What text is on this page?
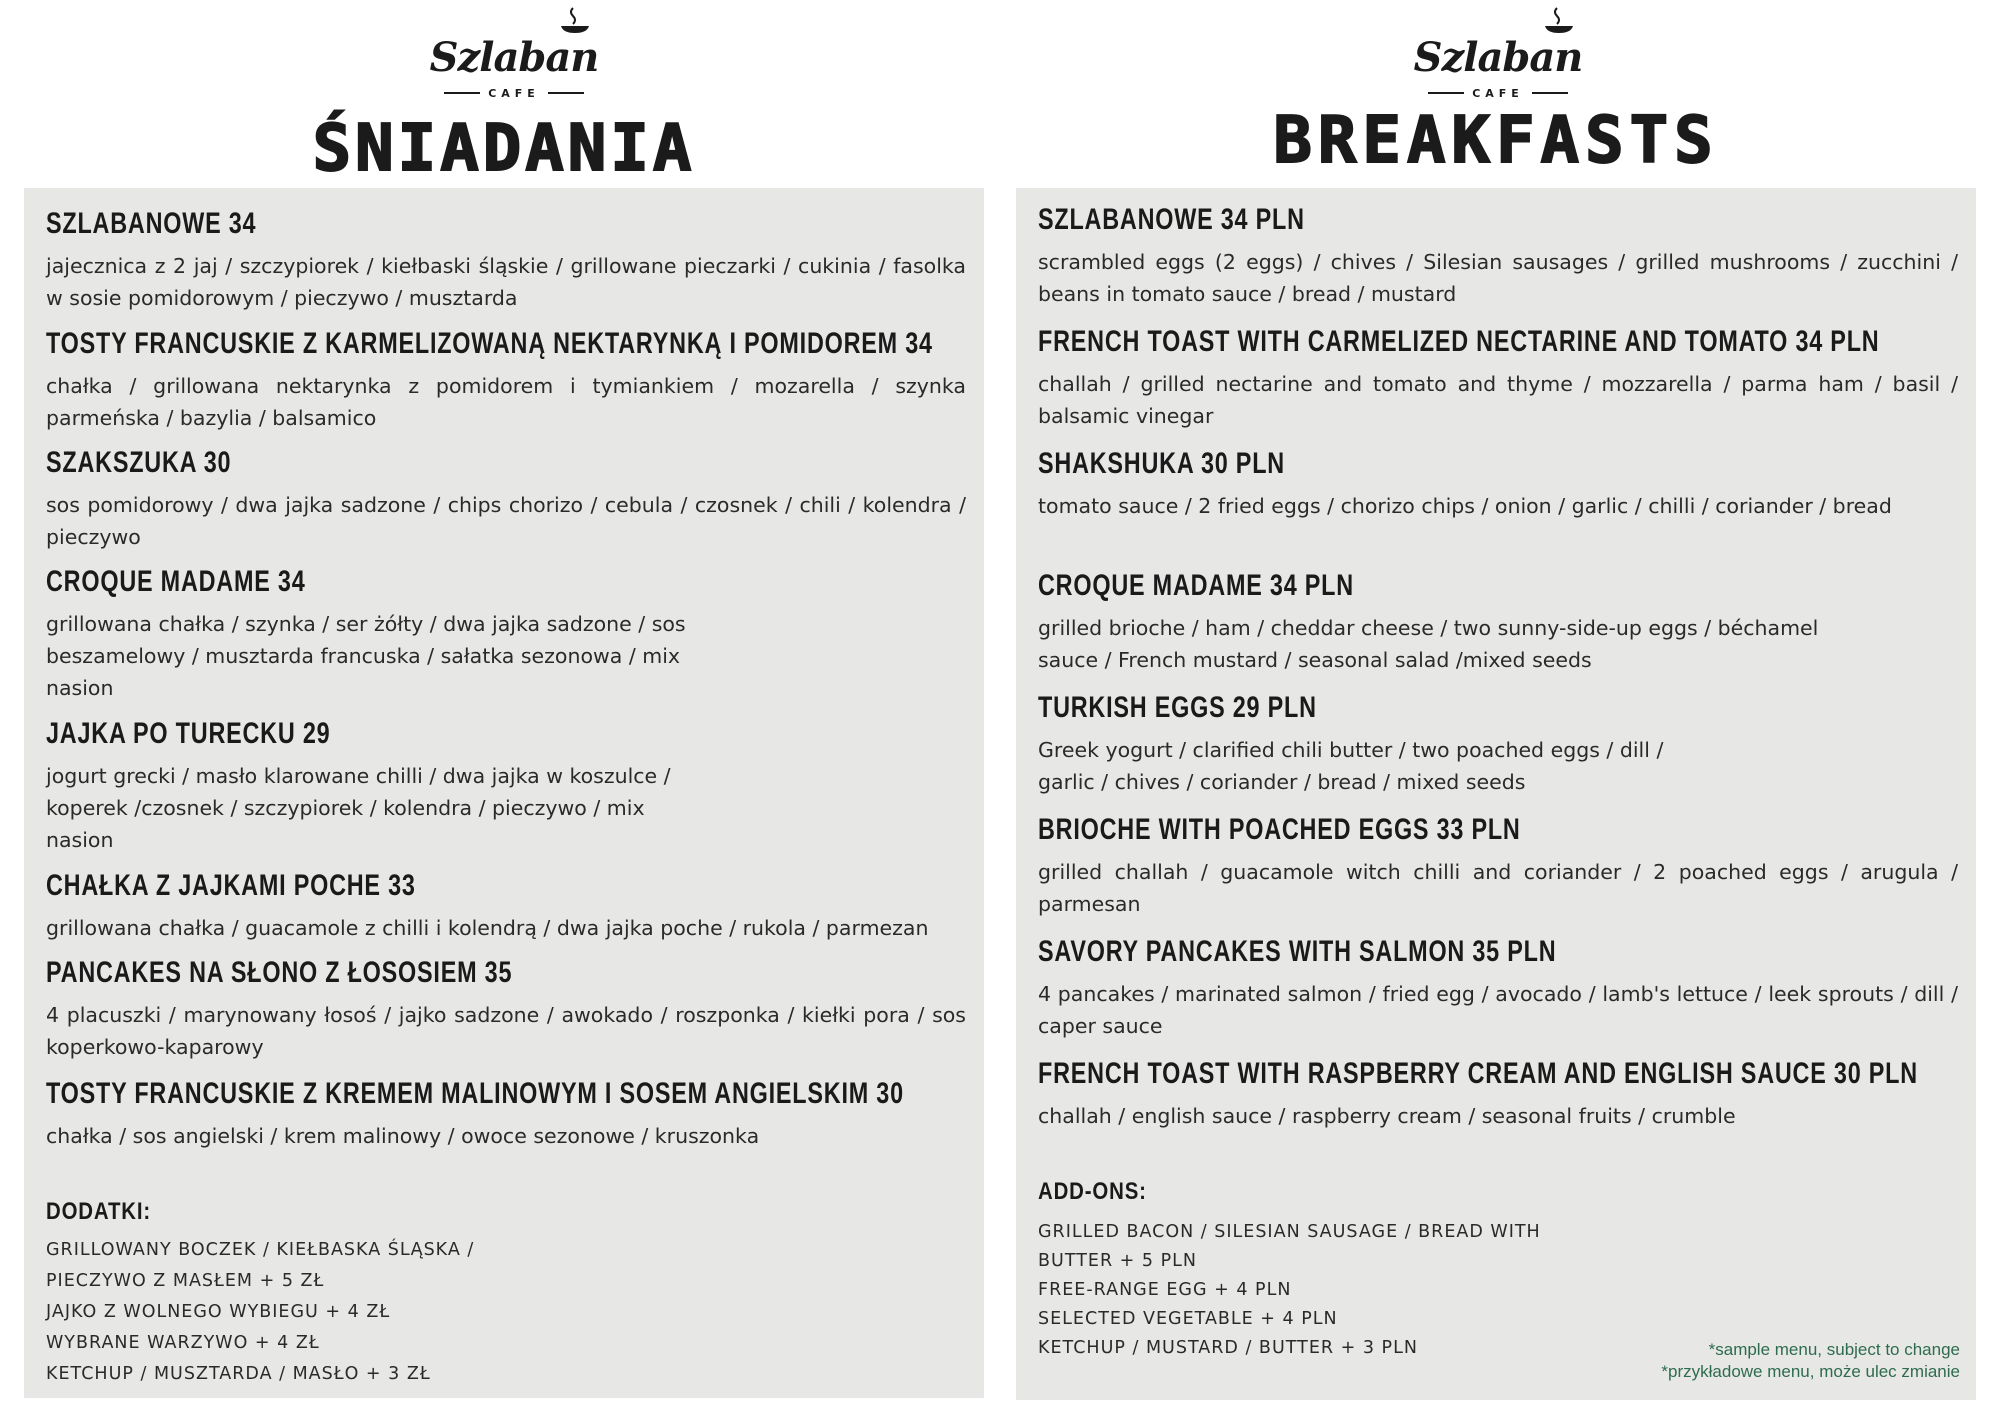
Szlaban
CAFE
ŚNIADANIA
SZLABANOWE 34
jajecznica z 2 jaj / szczypiorek / kiełbaski śląskie / grillowane pieczarki / cukinia / fasolka w sosie pomidorowym / pieczywo / musztarda
TOSTY FRANCUSKIE Z KARMELIZOWANĄ NEKTARYNKĄ I POMIDOREM 34
chałka / grillowana nektarynka z pomidorem i tymiankiem / mozarella / szynka parmeńska / bazylia / balsamico
SZAKSZUKA 30
sos pomidorowy / dwa jajka sadzone / chips chorizo / cebula / czosnek / chili / kolendra / pieczywo
CROQUE MADAME 34
grillowana chałka / szynka / ser żółty / dwa jajka sadzone / sos beszamelowy / musztarda francuska / sałatka sezonowa / mix nasion
JAJKA PO TURECKU 29
jogurt grecki / masło klarowane chilli / dwa jajka w koszulce / koperek /czosnek / szczypiorek / kolendra / pieczywo / mix nasion
CHAŁKA Z JAJKAMI POCHE 33
grillowana chałka / guacamole z chilli i kolendrą / dwa jajka poche / rukola / parmezan
PANCAKES NA SŁONO Z ŁOSOSIEM 35
4 placuszki / marynowany łosoś / jajko sadzone / awokado / roszponka / kiełki pora / sos koperkowo-kaparowy
TOSTY FRANCUSKIE Z KREMEM MALINOWYM I SOSEM ANGIELSKIM 30
chałka / sos angielski / krem malinowy / owoce sezonowe / kruszonka
DODATKI:
GRILLOWANY BOCZEK / KIEŁBASKA ŚLĄSKA /
PIECZYWO Z MASŁEM + 5 ZŁ
JAJKO Z WOLNEGO WYBIEGU + 4 ZŁ
WYBRANE WARZYWO + 4 ZŁ
KETCHUP / MUSZTARDA / MASŁO + 3 ZŁ
Szlaban
CAFE
BREAKFASTS
SZLABANOWE 34 PLN
scrambled eggs (2 eggs) / chives / Silesian sausages / grilled mushrooms / zucchini / beans in tomato sauce / bread / mustard
FRENCH TOAST WITH CARMELIZED NECTARINE AND TOMATO 34 PLN
challah / grilled nectarine and tomato and thyme / mozzarella / parma ham / basil / balsamic vinegar
SHAKSHUKA 30 PLN
tomato sauce / 2 fried eggs / chorizo chips / onion / garlic / chilli / coriander / bread
CROQUE MADAME 34 PLN
grilled brioche / ham / cheddar cheese / two sunny-side-up eggs / béchamel sauce / French mustard / seasonal salad /mixed seeds
TURKISH EGGS 29 PLN
Greek yogurt / clarified chili butter / two poached eggs / dill / garlic / chives / coriander / bread / mixed seeds
BRIOCHE WITH POACHED EGGS 33 PLN
grilled challah / guacamole witch chilli and coriander / 2 poached eggs / arugula / parmesan
SAVORY PANCAKES WITH SALMON 35 PLN
4 pancakes / marinated salmon / fried egg / avocado / lamb's lettuce / leek sprouts / dill / caper sauce
FRENCH TOAST WITH RASPBERRY CREAM AND ENGLISH SAUCE 30 PLN
challah / english sauce / raspberry cream / seasonal fruits / crumble
ADD-ONS:
GRILLED BACON / SILESIAN SAUSAGE / BREAD WITH
BUTTER + 5 PLN
FREE-RANGE EGG + 4 PLN
SELECTED VEGETABLE + 4 PLN
KETCHUP / MUSTARD / BUTTER + 3 PLN	*sample menu, subject to change
*przykładowe menu, może ulec zmianie
